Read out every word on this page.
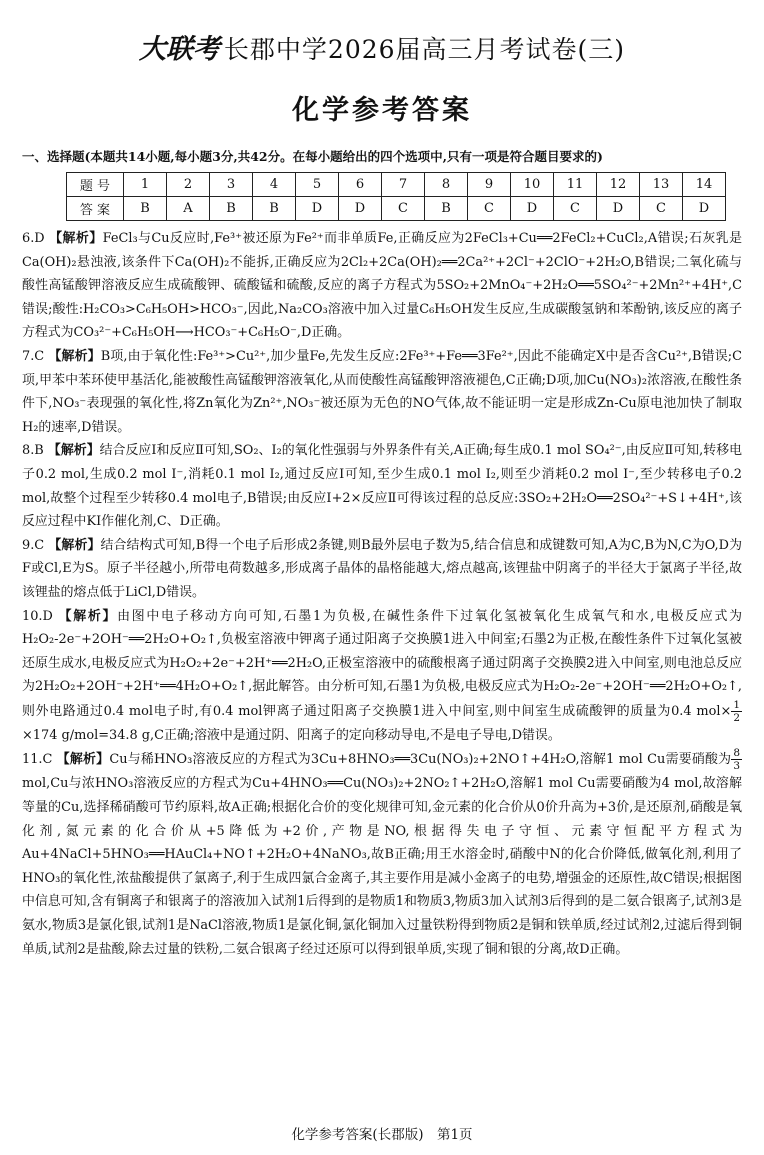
大联考 长郡中学2026届高三月考试卷(三)
化学参考答案
一、选择题(本题共14小题,每小题3分,共42分。在每小题给出的四个选项中,只有一项是符合题目要求的)
题 号	1	2	3	4	5	6	7	8	9	10	11	12	13	14
答 案	B	A	B	B	D	D	C	B	C	D	C	D	C	D

6.D 【解析】FeCl₃与Cu反应时,Fe³⁺被还原为Fe²⁺而非单质Fe,正确反应为2FeCl₃+Cu══2FeCl₂+CuCl₂,A错误;石灰乳是Ca(OH)₂悬浊液,该条件下Ca(OH)₂不能拆,正确反应为2Cl₂+2Ca(OH)₂══2Ca²⁺+2Cl⁻+2ClO⁻+2H₂O,B错误;二氧化硫与酸性高锰酸钾溶液反应生成硫酸钾、硫酸锰和硫酸,反应的离子方程式为5SO₂+2MnO₄⁻+2H₂O══5SO₄²⁻+2Mn²⁺+4H⁺,C错误;酸性:H₂CO₃>C₆H₅OH>HCO₃⁻,因此,Na₂CO₃溶液中加入过量C₆H₅OH发生反应,生成碳酸氢钠和苯酚钠,该反应的离子方程式为CO₃²⁻+C₆H₅OH⟶HCO₃⁻+C₆H₅O⁻,D正确。

7.C 【解析】B项,由于氧化性:Fe³⁺>Cu²⁺,加少量Fe,先发生反应:2Fe³⁺+Fe══3Fe²⁺,因此不能确定X中是否含Cu²⁺,B错误;C项,甲苯中苯环使甲基活化,能被酸性高锰酸钾溶液氧化,从而使酸性高锰酸钾溶液褪色,C正确;D项,加Cu(NO₃)₂浓溶液,在酸性条件下,NO₃⁻表现强的氧化性,将Zn氧化为Zn²⁺,NO₃⁻被还原为无色的NO气体,故不能证明一定是形成Zn-Cu原电池加快了制取H₂的速率,D错误。

8.B 【解析】结合反应Ⅰ和反应Ⅱ可知,SO₂、I₂的氧化性强弱与外界条件有关,A正确;每生成0.1 mol SO₄²⁻,由反应Ⅱ可知,转移电子0.2 mol,生成0.2 mol I⁻,消耗0.1 mol I₂,通过反应Ⅰ可知,至少生成0.1 mol I₂,则至少消耗0.2 mol I⁻,至少转移电子0.2 mol,故整个过程至少转移0.4 mol电子,B错误;由反应Ⅰ+2×反应Ⅱ可得该过程的总反应:3SO₂+2H₂O══2SO₄²⁻+S↓+4H⁺,该反应过程中KI作催化剂,C、D正确。

9.C 【解析】结合结构式可知,B得一个电子后形成2条键,则B最外层电子数为5,结合信息和成键数可知,A为C,B为N,C为O,D为F或Cl,E为S。原子半径越小,所带电荷数越多,形成离子晶体的晶格能越大,熔点越高,该锂盐中阴离子的半径大于氯离子半径,故该锂盐的熔点低于LiCl,D错误。

10.D 【解析】由图中电子移动方向可知,石墨1为负极,在碱性条件下过氧化氢被氧化生成氧气和水,电极反应式为H₂O₂-2e⁻+2OH⁻══2H₂O+O₂↑,负极室溶液中钾离子通过阳离子交换膜1进入中间室;石墨2为正极,在酸性条件下过氧化氢被还原生成水,电极反应式为H₂O₂+2e⁻+2H⁺══2H₂O,正极室溶液中的硫酸根离子通过阴离子交换膜2进入中间室,则电池总反应为2H₂O₂+2OH⁻+2H⁺══4H₂O+O₂↑,据此解答。由分析可知,石墨1为负极,电极反应式为H₂O₂-2e⁻+2OH⁻══2H₂O+O₂↑,则外电路通过0.4 mol电子时,有0.4 mol钾离子通过阳离子交换膜1进入中间室,则中间室生成硫酸钾的质量为0.4 $mol\times \frac{1}{2}$
×174 g/mol=34.8 g,C正确;溶液中是通过阴、阳离子的定向移动导电,不是电子导电,D错误。

11.C 【解析】Cu与稀HNO₃溶液反应的方程式为3Cu+8HNO₃══3Cu(NO₃)₂+2NO↑+4H₂O,溶解1 mol Cu需要硝酸为 $\frac{8}{3}$
mol,Cu与浓HNO₃溶液反应的方程式为Cu+4HNO₃══Cu(NO₃)₂+2NO₂↑+2H₂O,溶解1 mol Cu需要硝酸为4 mol,故溶解等量的Cu,选择稀硝酸可节约原料,故A正确;根据化合价的变化规律可知,金元素的化合价从0价升高为+3价,是还原剂,硝酸是氧化剂,氮元素的化合价从+5降低为+2价,产物是NO,根据得失电子守恒、元素守恒配平方程式为Au+4NaCl+5HNO₃══HAuCl₄+NO↑+2H₂O+4NaNO₃,故B正确;用王水溶金时,硝酸中N的化合价降低,做氧化剂,利用了HNO₃的氧化性,浓盐酸提供了氯离子,利于生成四氯合金离子,其主要作用是减小金离子的电势,增强金的还原性,故C错误;根据图中信息可知,含有铜离子和银离子的溶液加入试剂1后得到的是物质1和物质3,物质3加入试剂3后得到的是二氨合银离子,试剂3是氨水,物质3是氯化银,试剂1是NaCl溶液,物质1是氯化铜,氯化铜加入过量铁粉得到物质2是铜和铁单质,经过试剂2,过滤后得到铜单质,试剂2是盐酸,除去过量的铁粉,二氨合银离子经过还原可以得到银单质,实现了铜和银的分离,故D正确。

化学参考答案(长郡版)　第1页
